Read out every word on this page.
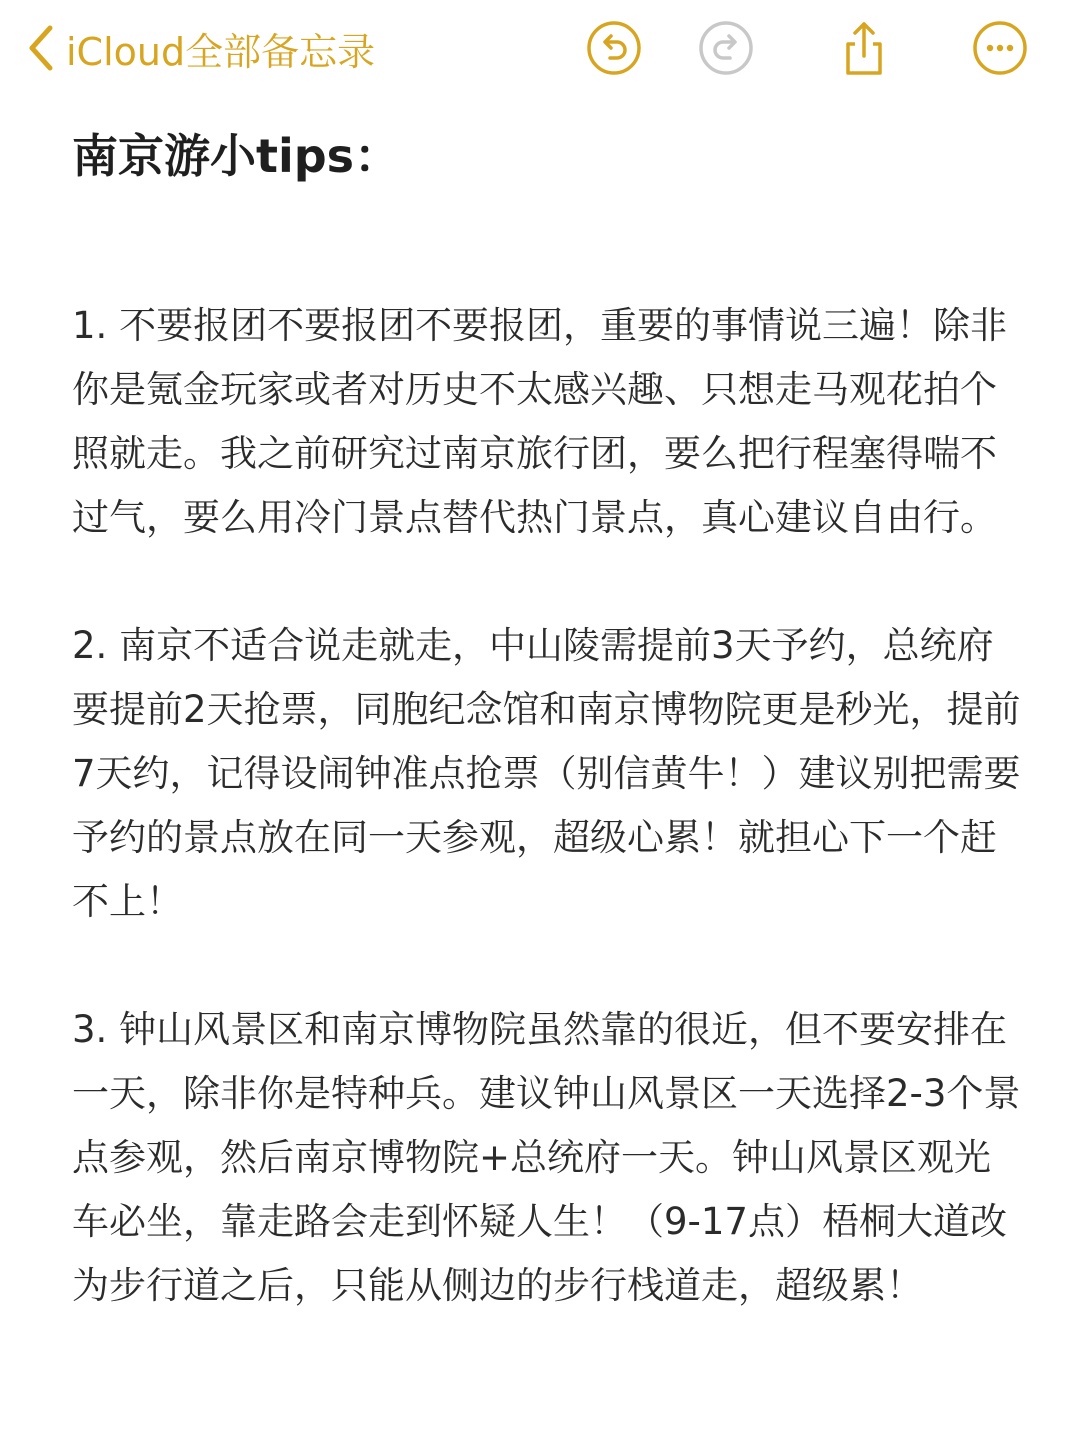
iCloud全部备忘录
南京游小tips：

1. 不要报团不要报团不要报团，重要的事情说三遍！除非你是氪金玩家或者对历史不太感兴趣、只想走马观花拍个照就走。我之前研究过南京旅行团，要么把行程塞得喘不过气，要么用冷门景点替代热门景点，真心建议自由行。

2. 南京不适合说走就走，中山陵需提前3天予约，总统府要提前2天抢票，同胞纪念馆和南京博物院更是秒光，提前7天约，记得设闹钟准点抢票（别信黄牛！）建议别把需要予约的景点放在同一天参观，超级心累！就担心下一个赶不上！

3. 钟山风景区和南京博物院虽然靠的很近，但不要安排在一天，除非你是特种兵。建议钟山风景区一天选择2-3个景点参观，然后南京博物院+总统府一天。钟山风景区观光车必坐，靠走路会走到怀疑人生！（9-17点）梧桐大道改为步行道之后，只能从侧边的步行栈道走，超级累！
